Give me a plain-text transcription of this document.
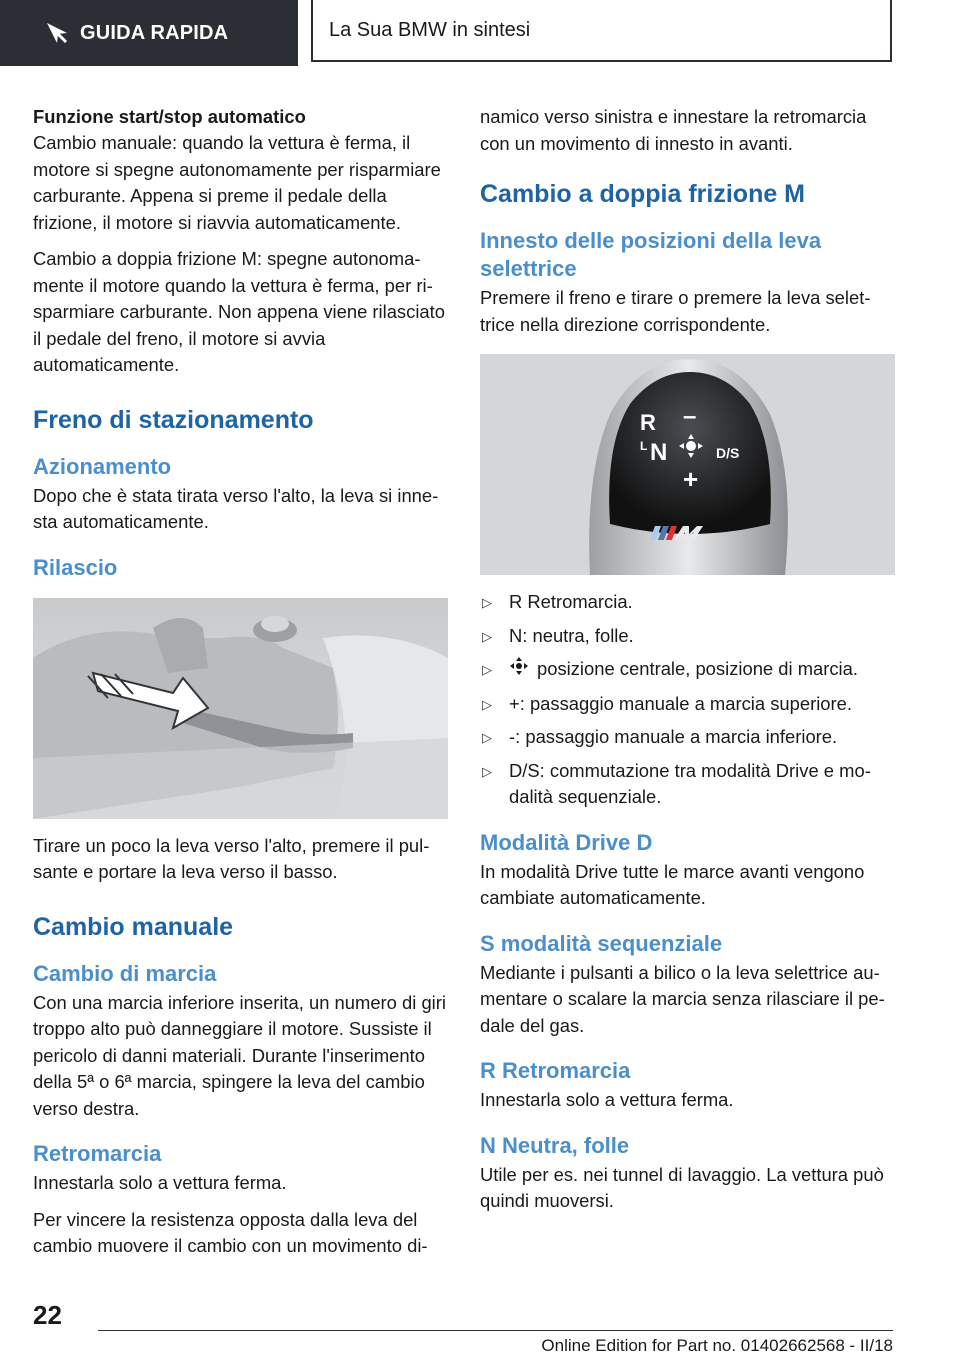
GUIDA RAPIDA	La Sua BMW in sintesi
Funzione start/stop automatico

Cambio manuale: quando la vettura è ferma, il motore si spegne autonomamente per risparmiare carburante. Appena si preme il pedale della frizione, il motore si riavvia automaticamente.

Cambio a doppia frizione M: spegne autonomamente il motore quando la vettura è ferma, per risparmiare carburante. Non appena viene rilasciato il pedale del freno, il motore si avvia automaticamente.

Freno di stazionamento
Azionamento

Dopo che è stata tirata verso l'alto, la leva si innesta automaticamente.

Rilascio

Tirare un poco la leva verso l'alto, premere il pulsante e portare la leva verso il basso.

Cambio manuale
Cambio di marcia

Con una marcia inferiore inserita, un numero di giri troppo alto può danneggiare il motore. Sussiste il pericolo di danni materiali. Durante l'inserimento della 5ª o 6ª marcia, spingere la leva del cambio verso destra.

Retromarcia

Innestarla solo a vettura ferma.

Per vincere la resistenza opposta dalla leva del cambio muovere il cambio con un movimento di-

namico verso sinistra e innestare la retromarcia con un movimento di innesto in avanti.

Cambio a doppia frizione M
Innesto delle posizioni della leva selettrice

Premere il freno e tirare o premere la leva selettrice nella direzione corrispondente.

R
L N
–
+
D/S
▷ R Retromarcia.
▷ N: neutra, folle.
▷ posizione centrale, posizione di marcia.
▷ +: passaggio manuale a marcia superiore.
▷ -: passaggio manuale a marcia inferiore.
▷ D/S: commutazione tra modalità Drive e modalità sequenziale.
Modalità Drive D

In modalità Drive tutte le marce avanti vengono cambiate automaticamente.

S modalità sequenziale

Mediante i pulsanti a bilico o la leva selettrice aumentare o scalare la marcia senza rilasciare il pedale del gas.

R Retromarcia

Innestarla solo a vettura ferma.

N Neutra, folle

Utile per es. nei tunnel di lavaggio. La vettura può quindi muoversi.

22
Online Edition for Part no. 01402662568 - II/18
